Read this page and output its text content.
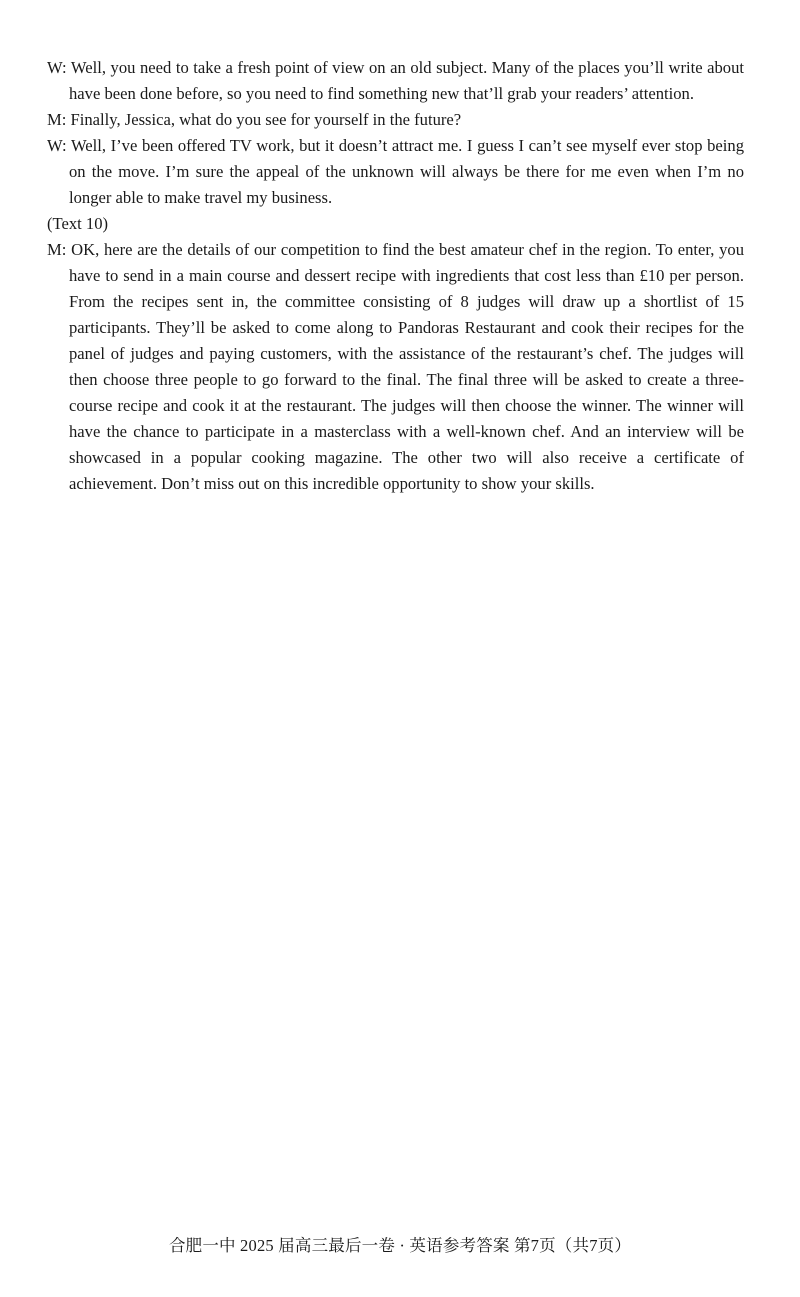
W: Well, you need to take a fresh point of view on an old subject. Many of the places you’ll write about have been done before, so you need to find something new that’ll grab your readers’ attention.

M: Finally, Jessica, what do you see for yourself in the future?

W: Well, I’ve been offered TV work, but it doesn’t attract me. I guess I can’t see myself ever stop being on the move. I’m sure the appeal of the unknown will always be there for me even when I’m no longer able to make travel my business.

(Text 10)

M: OK, here are the details of our competition to find the best amateur chef in the region. To enter, you have to send in a main course and dessert recipe with ingredients that cost less than £10 per person. From the recipes sent in, the committee consisting of 8 judges will draw up a shortlist of 15 participants. They’ll be asked to come along to Pandoras Restaurant and cook their recipes for the panel of judges and paying customers, with the assistance of the restaurant’s chef. The judges will then choose three people to go forward to the final. The final three will be asked to create a three-course recipe and cook it at the restaurant. The judges will then choose the winner. The winner will have the chance to participate in a masterclass with a well-known chef. And an interview will be showcased in a popular cooking magazine. The other two will also receive a certificate of achievement. Don’t miss out on this incredible opportunity to show your skills.

合肥一中 2025 届高三最后一卷 · 英语参考答案 第7页（共7页）
